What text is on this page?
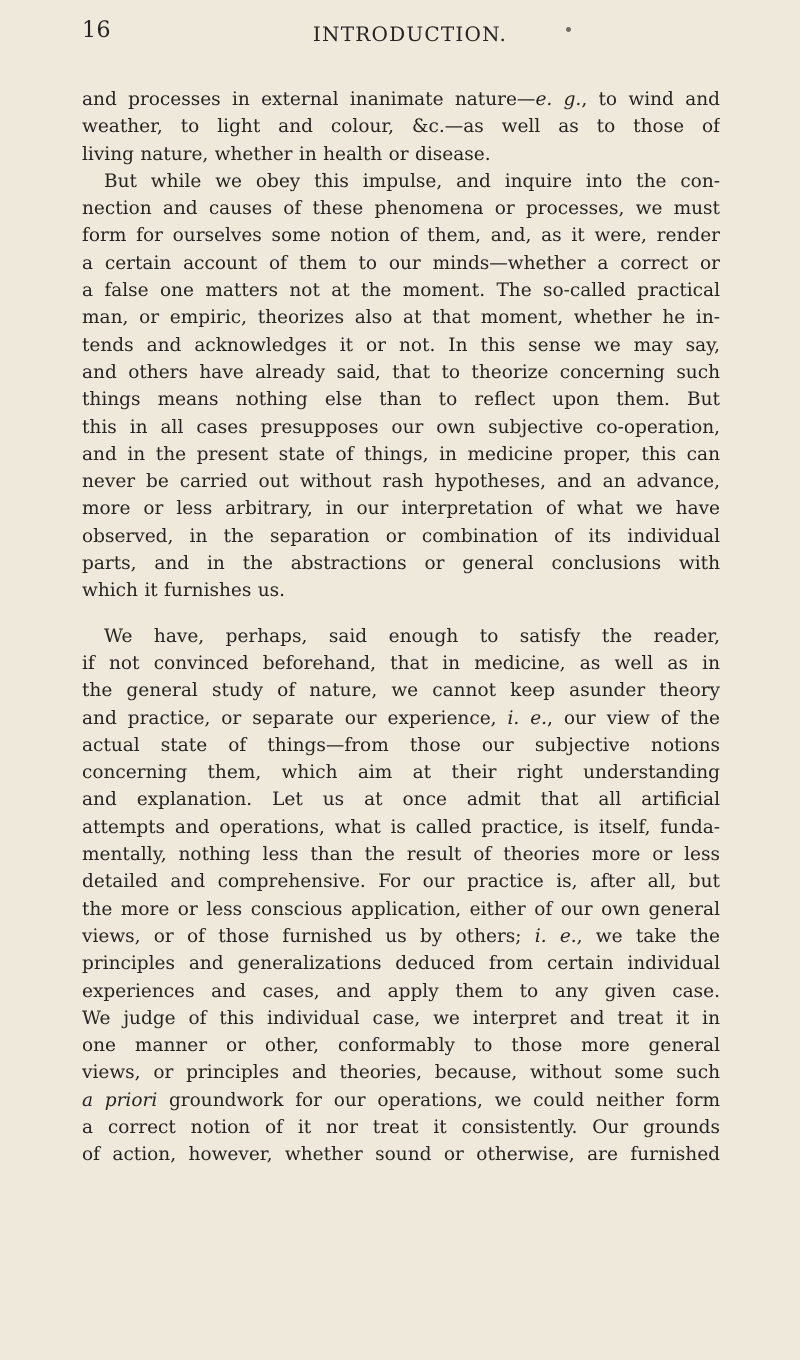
16	INTRODUCTION.
and processes in external inanimate nature—e. g., to wind and
weather, to light and colour, &c.—as well as to those of
living nature, whether in health or disease.
But while we obey this impulse, and inquire into the con-
nection and causes of these phenomena or processes, we must
form for ourselves some notion of them, and, as it were, render
a certain account of them to our minds—whether a correct or
a false one matters not at the moment. The so-called practical
man, or empiric, theorizes also at that moment, whether he in-
tends and acknowledges it or not. In this sense we may say,
and others have already said, that to theorize concerning such
things means nothing else than to reflect upon them. But
this in all cases presupposes our own subjective co-operation,
and in the present state of things, in medicine proper, this can
never be carried out without rash hypotheses, and an advance,
more or less arbitrary, in our interpretation of what we have
observed, in the separation or combination of its individual
parts, and in the abstractions or general conclusions with
which it furnishes us.
We have, perhaps, said enough to satisfy the reader,
if not convinced beforehand, that in medicine, as well as in
the general study of nature, we cannot keep asunder theory
and practice, or separate our experience, i. e., our view of the
actual state of things—from those our subjective notions
concerning them, which aim at their right understanding
and explanation. Let us at once admit that all artificial
attempts and operations, what is called practice, is itself, funda-
mentally, nothing less than the result of theories more or less
detailed and comprehensive. For our practice is, after all, but
the more or less conscious application, either of our own general
views, or of those furnished us by others; i. e., we take the
principles and generalizations deduced from certain individual
experiences and cases, and apply them to any given case.
We judge of this individual case, we interpret and treat it in
one manner or other, conformably to those more general
views, or principles and theories, because, without some such
a priori groundwork for our operations, we could neither form
a correct notion of it nor treat it consistently. Our grounds
of action, however, whether sound or otherwise, are furnished
